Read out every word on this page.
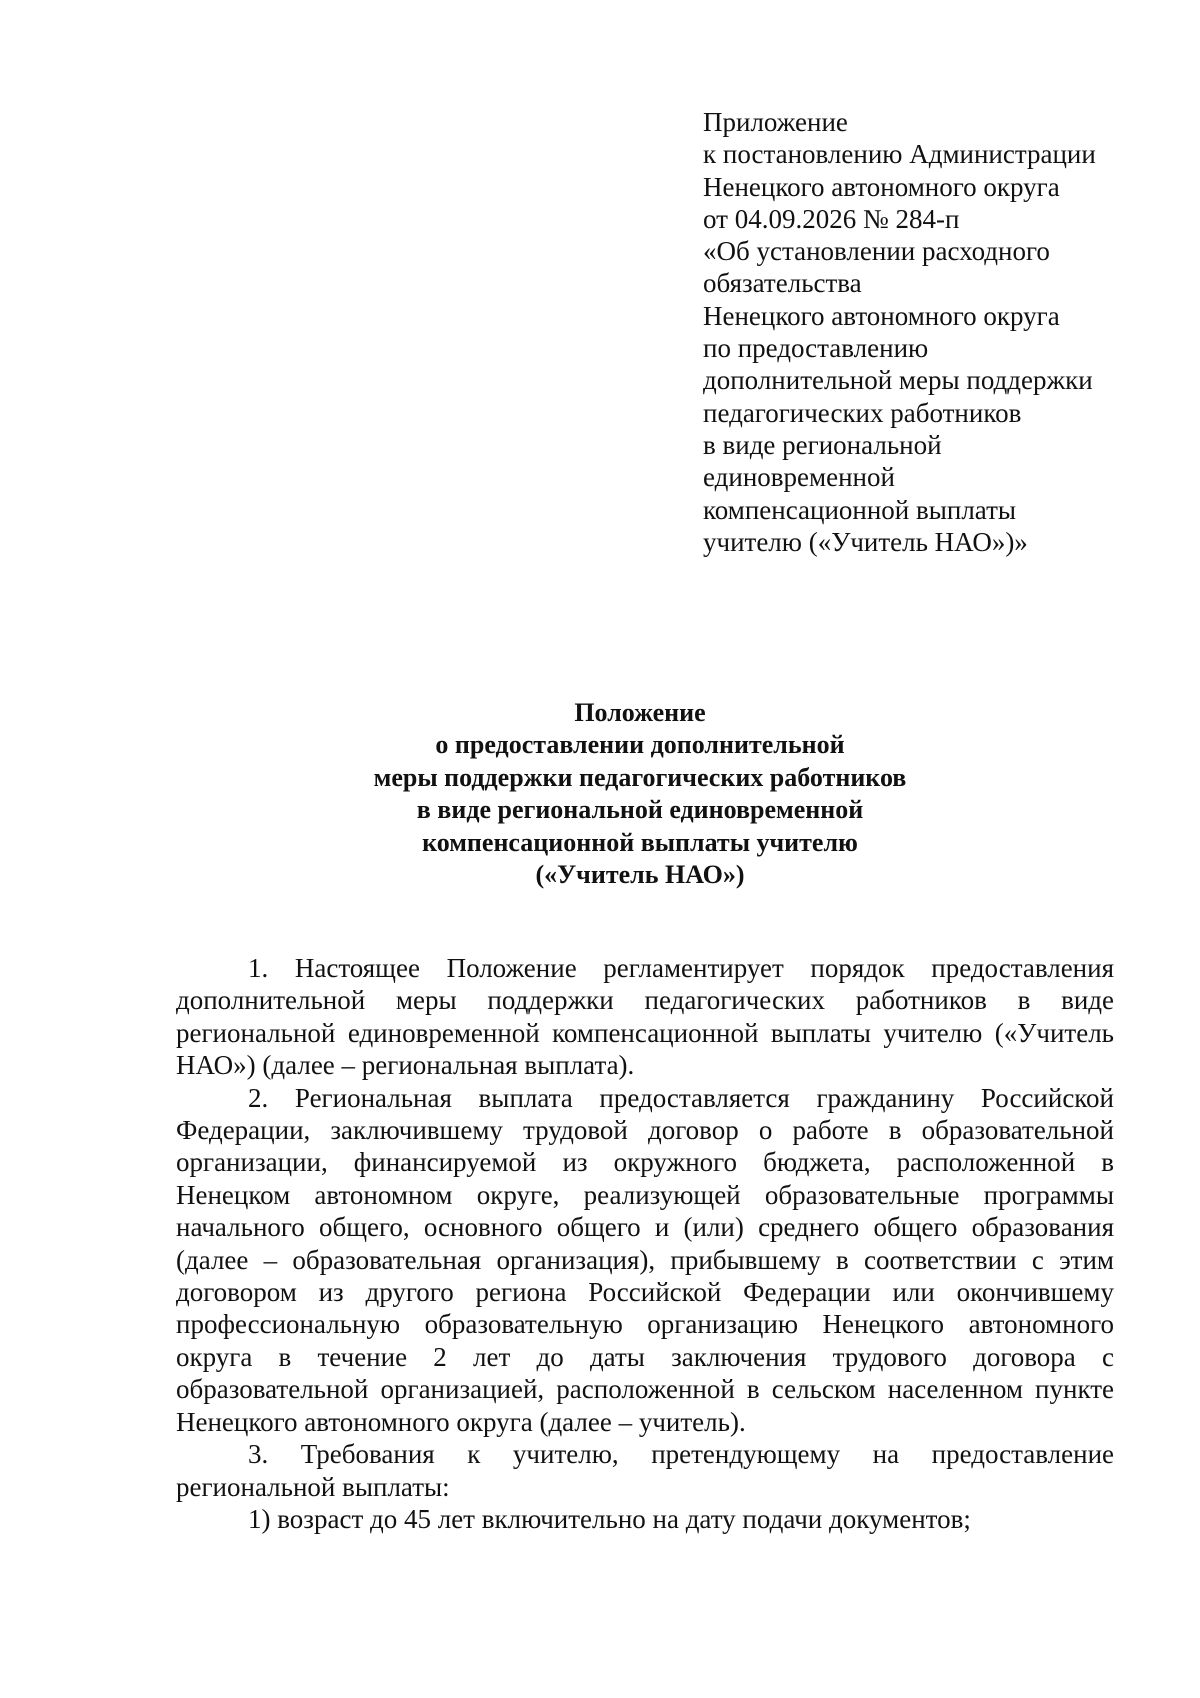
Приложение
к постановлению Администрации
Ненецкого автономного округа
от 04.09.2026 № 284-п
«Об установлении расходного
обязательства
Ненецкого автономного округа
по предоставлению
дополнительной меры поддержки
педагогических работников
в виде региональной
единовременной
компенсационной выплаты
учителю («Учитель НАО»)»
Положение
о предоставлении дополнительной
меры поддержки педагогических работников
в виде региональной единовременной
компенсационной выплаты учителю
(«Учитель НАО»)

1. Настоящее Положение регламентирует порядок предоставления дополнительной меры поддержки педагогических работников в виде региональной единовременной компенсационной выплаты учителю («Учитель НАО») (далее – региональная выплата).

2. Региональная выплата предоставляется гражданину Российской Федерации, заключившему трудовой договор о работе в образовательной организации, финансируемой из окружного бюджета, расположенной в Ненецком автономном округе, реализующей образовательные программы начального общего, основного общего и (или) среднего общего образования (далее – образовательная организация), прибывшему в соответствии с этим договором из другого региона Российской Федерации или окончившему профессиональную образовательную организацию Ненецкого автономного округа в течение 2 лет до даты заключения трудового договора с образовательной организацией, расположенной в сельском населенном пункте Ненецкого автономного округа (далее – учитель).

3. Требования к учителю, претендующему на предоставление региональной выплаты:

1) возраст до 45 лет включительно на дату подачи документов;
